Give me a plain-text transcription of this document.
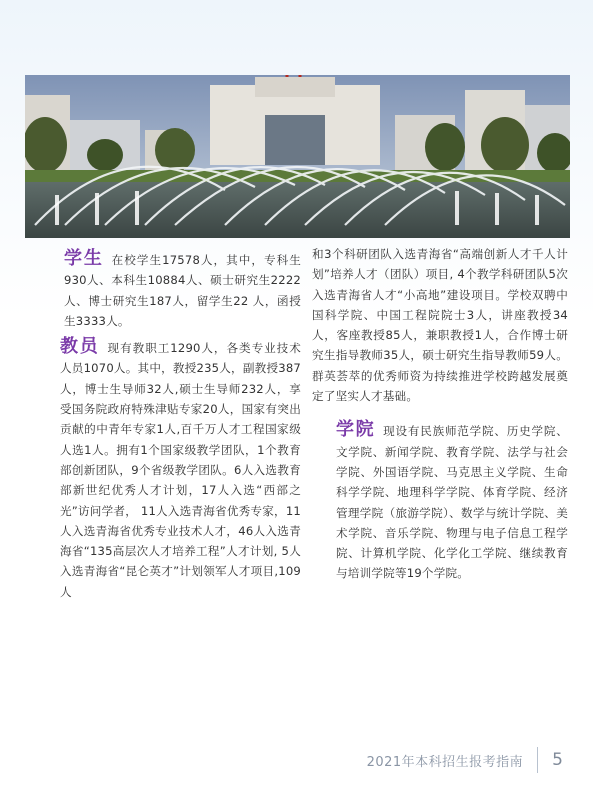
学生 在校学生17578人，其中，专科生930人、本科生10884人、硕士研究生2222人、博士研究生187人，留学生22 人，函授生3333人。
教员 现有教职工1290人，各类专业技术人员1070人。其中，教授235人，副教授387人，博士生导师32人,硕士生导师232人，享受国务院政府特殊津贴专家20人，国家有突出贡献的中青年专家1人,百千万人才工程国家级人选1人。拥有1个国家级教学团队，1个教育部创新团队，9个省级教学团队。6人入选教育部新世纪优秀人才计划，17人入选“西部之光”访问学者， 11人入选青海省优秀专家，11人入选青海省优秀专业技术人才，46人入选青海省“135高层次人才培养工程”人才计划, 5人入选青海省“昆仑英才”计划领军人才项目,109人
和3个科研团队入选青海省“高端创新人才千人计划”培养人才（团队）项目, 4个教学科研团队5次入选青海省人才“小高地”建设项目。学校双聘中国科学院、中国工程院院士3人，讲座教授34人，客座教授85人，兼职教授1人，合作博士研究生指导教师35人，硕士研究生指导教师59人。群英荟萃的优秀师资为持续推进学校跨越发展奠定了坚实人才基础。
学院 现设有民族师范学院、历史学院、文学院、新闻学院、教育学院、法学与社会学院、外国语学院、马克思主义学院、生命科学学院、地理科学学院、体育学院、经济管理学院（旅游学院）、数学与统计学院、美术学院、音乐学院、物理与电子信息工程学院、计算机学院、化学化工学院、继续教育与培训学院等19个学院。
2021年本科招生报考指南 5
